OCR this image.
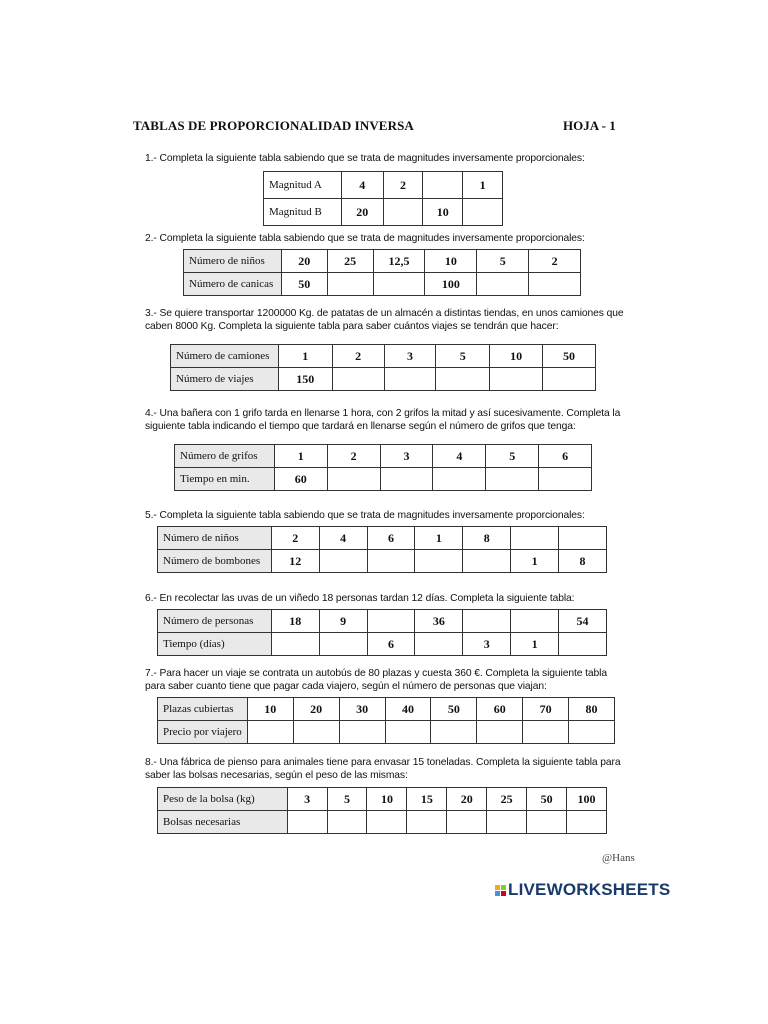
TABLAS DE PROPORCIONALIDAD INVERSA	HOJA - 1
1.- Completa la siguiente tabla sabiendo que se trata de magnitudes inversamente proporcionales:
Magnitud A	4	2		1
Magnitud B	20		10	
2.- Completa la siguiente tabla sabiendo que se trata de magnitudes inversamente proporcionales:
Número de niños	20	25	12,5	10	5	2
Número de canicas	50			100		
3.- Se quiere transportar 1200000 Kg. de patatas de un almacén a distintas tiendas, en unos camiones que caben 8000 Kg. Completa la siguiente tabla para saber cuántos viajes se tendrán que hacer:
Número de camiones	1	2	3	5	10	50
Número de viajes	150					
4.- Una bañera con 1 grifo tarda en llenarse 1 hora, con 2 grifos la mitad y así sucesivamente. Completa la siguiente tabla indicando el tiempo que tardará en llenarse según el número de grifos que tenga:
Número de grifos	1	2	3	4	5	6
Tiempo en min.	60					
5.- Completa la siguiente tabla sabiendo que se trata de magnitudes inversamente proporcionales:
Número de niños	2	4	6	1	8		
Número de bombones	12					1	8
6.- En recolectar las uvas de un viñedo 18 personas tardan 12 días. Completa la siguiente tabla:
Número de personas	18	9		36			54
Tiempo (días)			6		3	1	
7.- Para hacer un viaje se contrata un autobús de 80 plazas y cuesta 360 €. Completa la siguiente tabla para saber cuanto tiene que pagar cada viajero, según el número de personas que viajan:
Plazas cubiertas	10	20	30	40	50	60	70	80
Precio por viajero								
8.- Una fábrica de pienso para animales tiene para envasar 15 toneladas. Completa la siguiente tabla para saber las bolsas necesarias, según el peso de las mismas:
Peso de la bolsa (kg)	3	5	10	15	20	25	50	100
Bolsas necesarias								
@Hans
LIVEWORKSHEETS
